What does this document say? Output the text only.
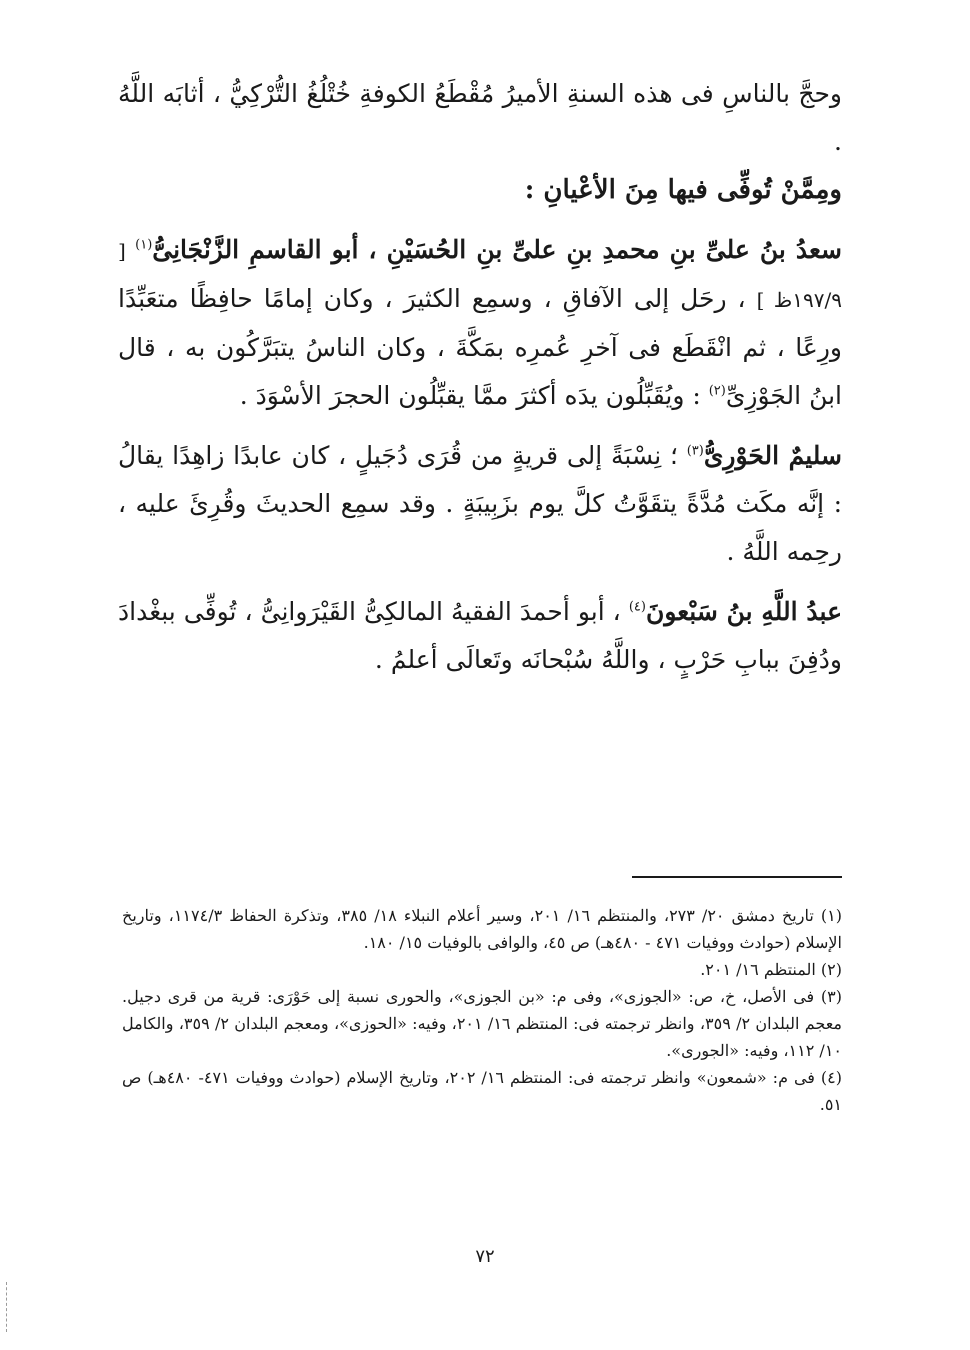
وحجَّ بالناسِ فى هذه السنةِ الأميرُ مُقْطَعُ الكوفةِ خُتْلُغُ التُّرْكِيُّ ، أثابَه اللَّهُ .

ومِمَّنْ تُوفِّى فيها مِنَ الأعْيانِ :

سعدُ بنُ علىِّ بنِ محمدِ بنِ علىِّ بنِ الحُسَيْنِ ، أبو القاسمِ الزَّنْجَانِىُّ$^{(١)}$ [ ١٩٧/٩ظ ] ، رحَل إلى الآفاقِ ، وسمِع الكثيرَ ، وكان إمامًا حافِظًا متعَبِّدًا ورِعًا ، ثم انْقَطَع فى آخرِ عُمرِه بمَكَّةَ ، وكان الناسُ يتبَرَّكُون به ، قال ابنُ الجَوْزِىِّ$^{(٢)}$ : ويُقَبِّلُون يدَه أكثرَ ممَّا يقبِّلُون الحجرَ الأسْوَدَ .

سليمٌ الحَوْرِىُّ$^{(٣)}$ ؛ نِسْبَةً إلى قريةٍ من قُرَى دُجَيلٍ ، كان عابدًا زاهِدًا يقالُ : إنَّه مكَث مُدَّةً يتقَوَّتُ كلَّ يوم بزَبِيبَةٍ . وقد سمِع الحديثَ وقُرِئَ عليه ، رحِمه اللَّهُ .

عبدُ اللَّهِ بنُ سَبْعونَ$^{(٤)}$ ، أبو أحمدَ الفقيهُ المالكِىُّ القَيْرَوانِىُّ ، تُوفِّى ببغْدادَ ودُفِنَ ببابِ حَرْبٍ ، واللَّهُ سُبْحانَه وتَعالَى أعلمُ .

(١) تاريخ دمشق ٢٠/ ٢٧٣، والمنتظم ١٦/ ٢٠١، وسير أعلام النبلاء ١٨/ ٣٨٥، وتذكرة الحفاظ ١١٧٤/٣، وتاريخ الإسلام (حوادث ووفيات ٤٧١ - ٤٨٠هـ) ص ٤٥، والوافى بالوفيات ١٥/ ١٨٠.

(٢) المنتظم ١٦/ ٢٠١.

(٣) فى الأصل، خ، ص: «الجوزى»، وفى م: «بن الجوزى»، والحورى نسبة إلى حَوْرَى: قرية من قرى دجيل. معجم البلدان ٢/ ٣٥٩، وانظر ترجمته فى: المنتظم ١٦/ ٢٠١، وفيه: «الحوزى»، ومعجم البلدان ٢/ ٣٥٩، والكامل ١٠/ ١١٢، وفيه: «الجورى».

(٤) فى م: «شمعون» وانظر ترجمته فى: المنتظم ١٦/ ٢٠٢، وتاريخ الإسلام (حوادث ووفيات ٤٧١- ٤٨٠هـ) ص ٥١.

٧٢
